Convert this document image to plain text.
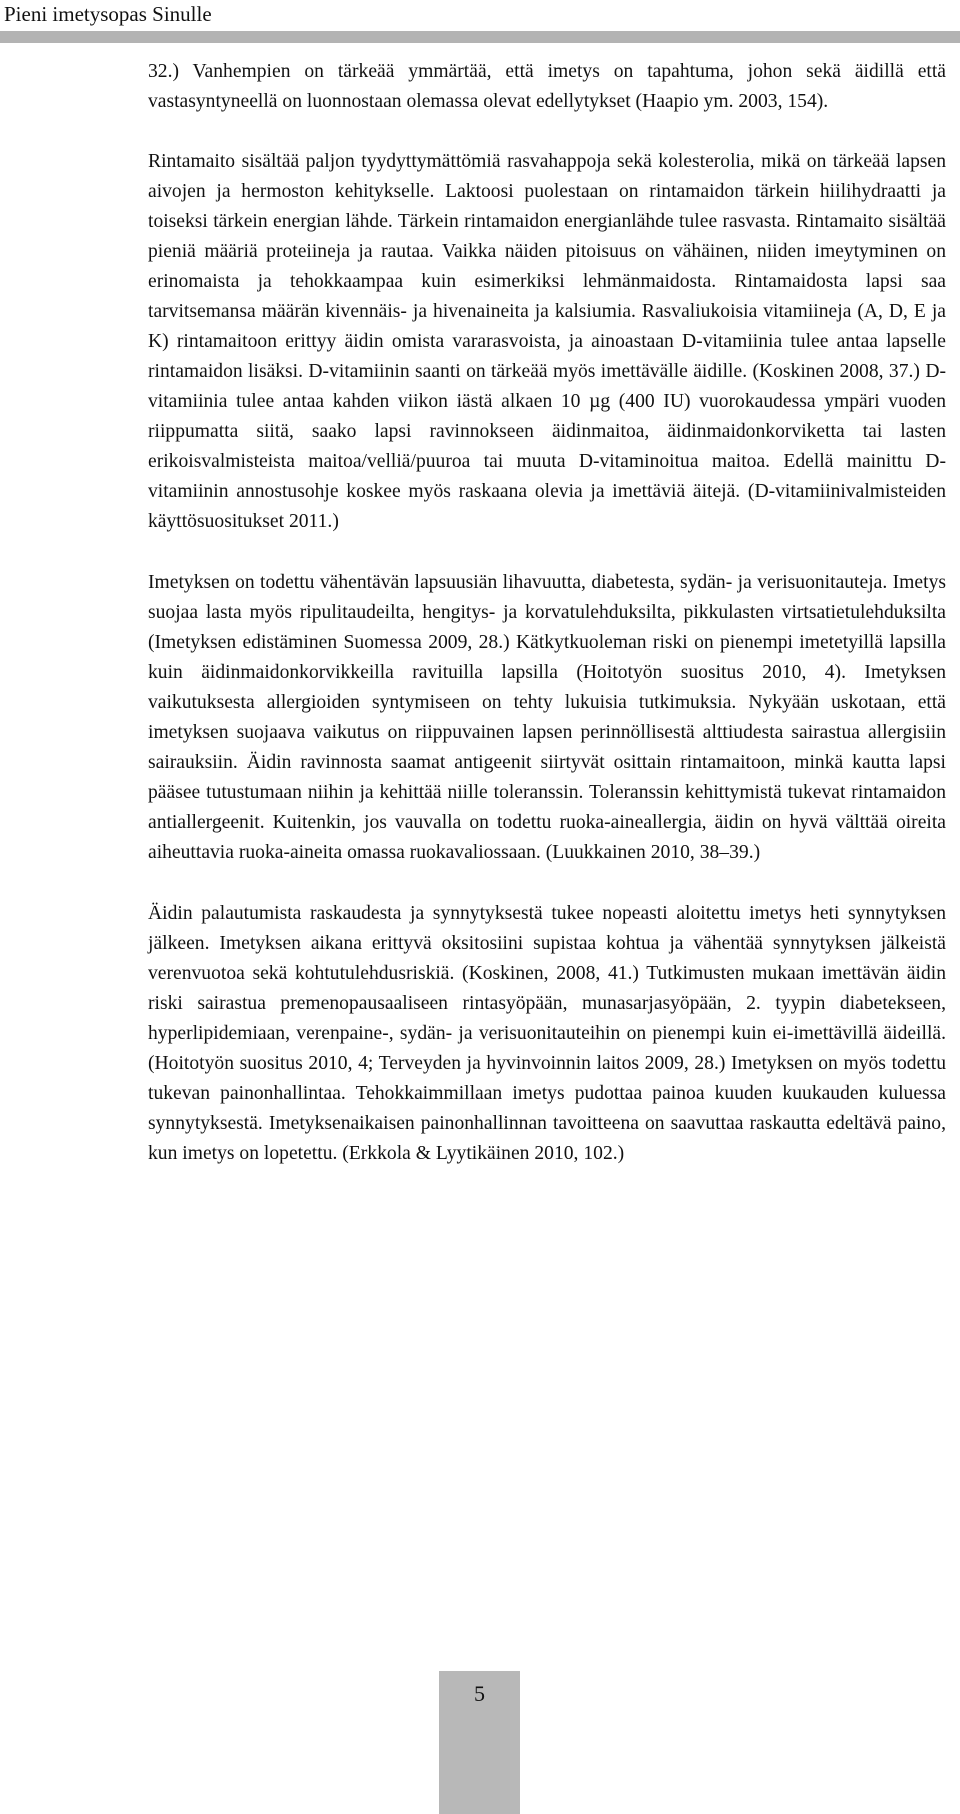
Pieni imetysopas Sinulle

32.) Vanhempien on tärkeää ymmärtää, että imetys on tapahtuma, johon sekä äidillä että vastasyntyneellä on luonnostaan olemassa olevat edellytykset (Haapio ym. 2003, 154).

Rintamaito sisältää paljon tyydyttymättömiä rasvahappoja sekä kolesterolia, mikä on tärkeää lapsen aivojen ja hermoston kehitykselle. Laktoosi puolestaan on rintamaidon tärkein hiilihydraatti ja toiseksi tärkein energian lähde. Tärkein rintamaidon energianlähde tulee rasvasta. Rintamaito sisältää pieniä määriä proteiineja ja rautaa. Vaikka näiden pitoisuus on vähäinen, niiden imeytyminen on erinomaista ja tehokkaampaa kuin esimerkiksi lehmänmaidosta. Rintamaidosta lapsi saa tarvitsemansa määrän kivennäis- ja hivenaineita ja kalsiumia. Rasvaliukoisia vitamiineja (A, D, E ja K) rintamaitoon erittyy äidin omista vararasvoista, ja ainoastaan D-vitamiinia tulee antaa lapselle rintamaidon lisäksi. D-vitamiinin saanti on tärkeää myös imettävälle äidille. (Koskinen 2008, 37.) D-vitamiinia tulee antaa kahden viikon iästä alkaen 10 µg (400 IU) vuorokaudessa ympäri vuoden riippumatta siitä, saako lapsi ravinnokseen äidinmaitoa, äidinmaidonkorviketta tai lasten erikoisvalmisteista maitoa/velliä/puuroa tai muuta D-vitaminoitua maitoa. Edellä mainittu D-vitamiinin annostusohje koskee myös raskaana olevia ja imettäviä äitejä. (D-vitamiinivalmisteiden käyttösuositukset 2011.)

Imetyksen on todettu vähentävän lapsuusiän lihavuutta, diabetesta, sydän- ja verisuonitauteja. Imetys suojaa lasta myös ripulitaudeilta, hengitys- ja korvatulehduksilta, pikkulasten virtsatietulehduksilta (Imetyksen edistäminen Suomessa 2009, 28.) Kätkytkuoleman riski on pienempi imetetyillä lapsilla kuin äidinmaidonkorvikkeilla ravituilla lapsilla (Hoitotyön suositus 2010, 4). Imetyksen vaikutuksesta allergioiden syntymiseen on tehty lukuisia tutkimuksia. Nykyään uskotaan, että imetyksen suojaava vaikutus on riippuvainen lapsen perinnöllisestä alttiudesta sairastua allergisiin sairauksiin. Äidin ravinnosta saamat antigeenit siirtyvät osittain rintamaitoon, minkä kautta lapsi pääsee tutustumaan niihin ja kehittää niille toleranssin. Toleranssin kehittymistä tukevat rintamaidon antiallergeenit. Kuitenkin, jos vauvalla on todettu ruoka-aineallergia, äidin on hyvä välttää oireita aiheuttavia ruoka-aineita omassa ruokavaliossaan. (Luukkainen 2010, 38–39.)

Äidin palautumista raskaudesta ja synnytyksestä tukee nopeasti aloitettu imetys heti synnytyksen jälkeen. Imetyksen aikana erittyvä oksitosiini supistaa kohtua ja vähentää synnytyksen jälkeistä verenvuotoa sekä kohtutulehdusriskiä. (Koskinen, 2008, 41.) Tutkimusten mukaan imettävän äidin riski sairastua premenopausaaliseen rintasyöpään, munasarjasyöpään, 2. tyypin diabetekseen, hyperlipidemiaan, verenpaine-, sydän- ja verisuonitauteihin on pienempi kuin ei-imettävillä äideillä. (Hoitotyön suositus 2010, 4; Terveyden ja hyvinvoinnin laitos 2009, 28.) Imetyksen on myös todettu tukevan painonhallintaa. Tehokkaimmillaan imetys pudottaa painoa kuuden kuukauden kuluessa synnytyksestä. Imetyksenaikaisen painonhallinnan tavoitteena on saavuttaa raskautta edeltävä paino, kun imetys on lopetettu. (Erkkola & Lyytikäinen 2010, 102.)

5
